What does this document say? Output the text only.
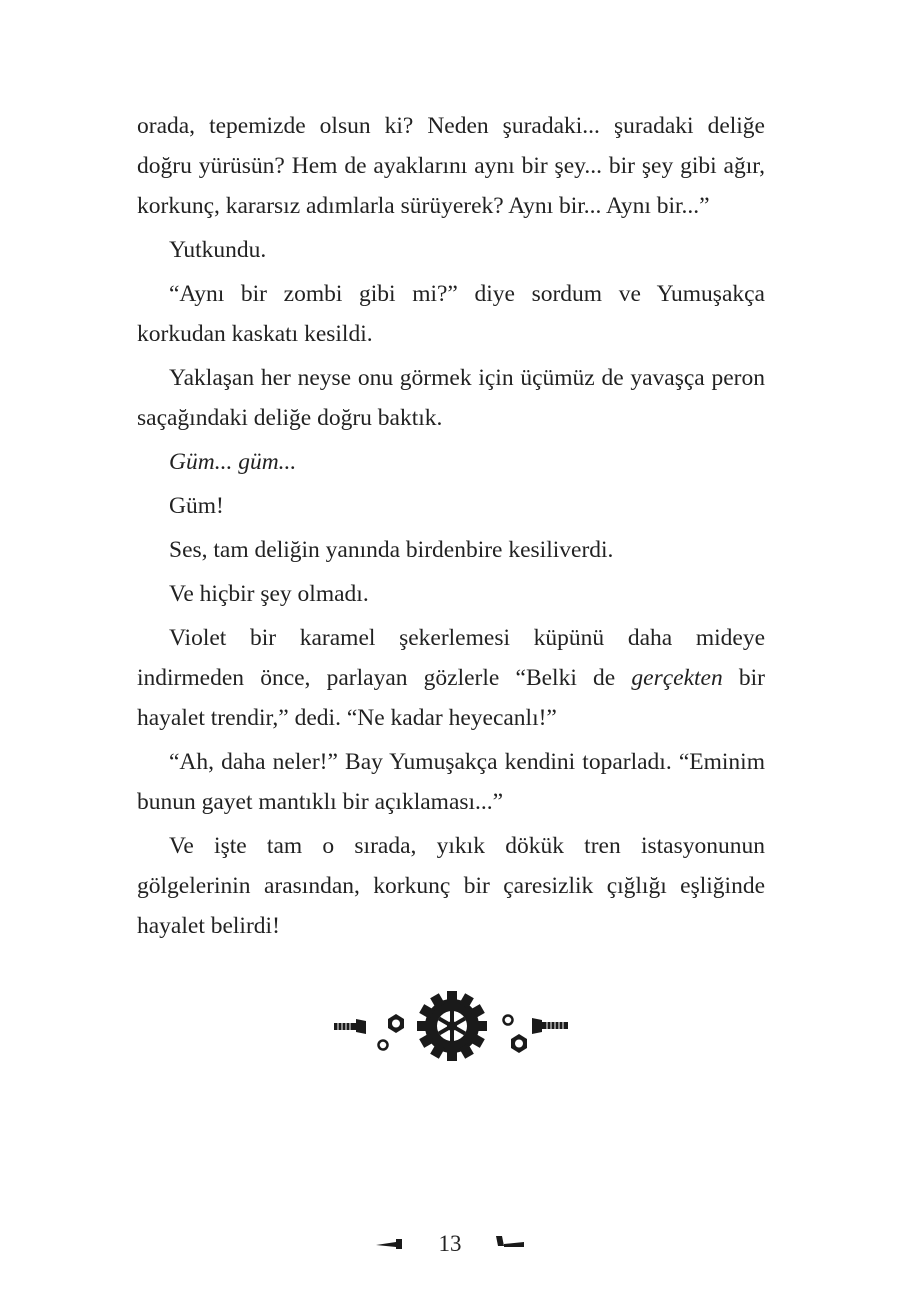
orada, tepemizde olsun ki? Neden şuradaki... şuradaki deliğe doğru yürüsün? Hem de ayaklarını aynı bir şey... bir şey gibi ağır, korkunç, kararsız adımlarla sürüyerek? Aynı bir... Aynı bir...”

Yutkundu.

“Aynı bir zombi gibi mi?” diye sordum ve Yumuşakça korkudan kaskatı kesildi.

Yaklaşan her neyse onu görmek için üçümüz de yavaşça peron saçağındaki deliğe doğru baktık.

Güm... güm...

Güm!

Ses, tam deliğin yanında birdenbire kesiliverdi.

Ve hiçbir şey olmadı.

Violet bir karamel şekerlemesi küpünü daha mideye indirmeden önce, parlayan gözlerle “Belki de gerçekten bir hayalet trendir,” dedi. “Ne kadar heyecanlı!”

“Ah, daha neler!” Bay Yumuşakça kendini toparladı. “Eminim bunun gayet mantıklı bir açıklaması...”

Ve işte tam o sırada, yıkık dökük tren istasyonunun gölgelerinin arasından, korkunç bir çaresizlik çığlığı eşliğinde hayalet belirdi!

13
